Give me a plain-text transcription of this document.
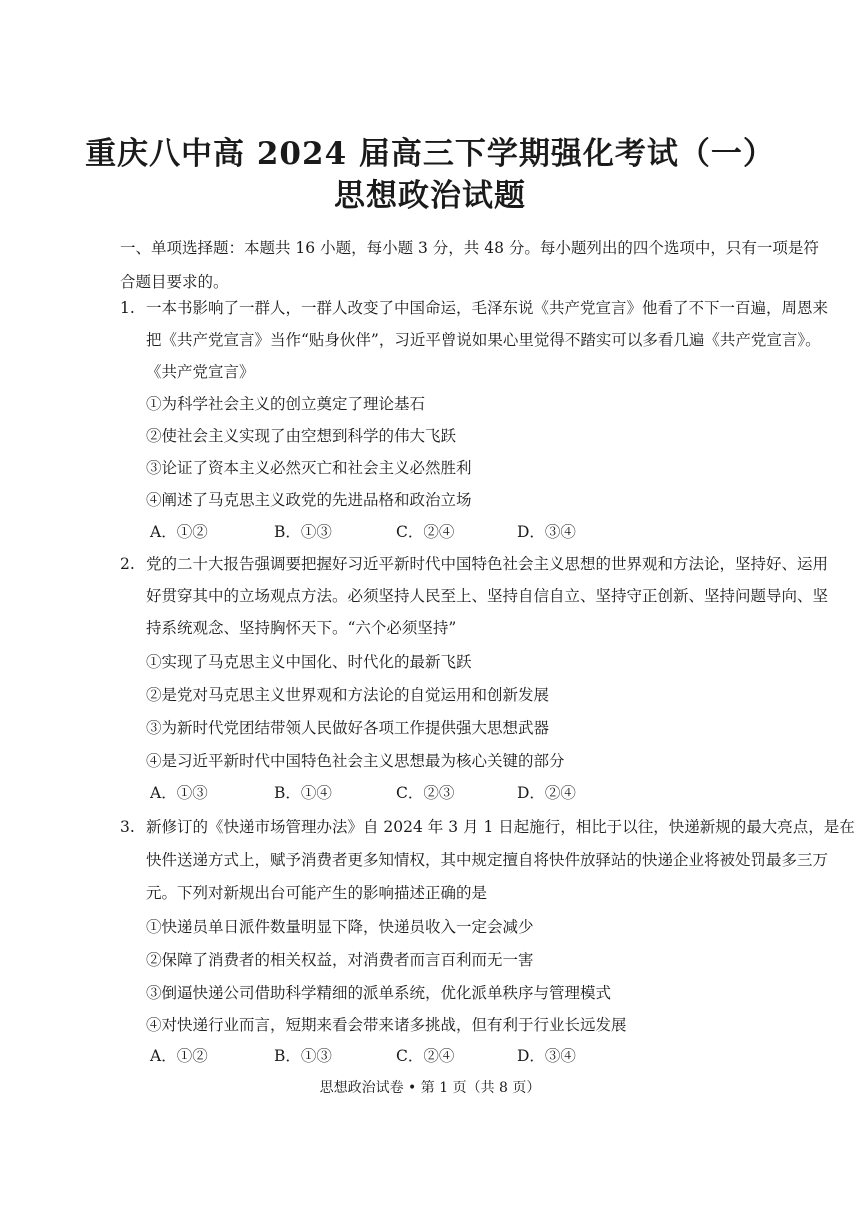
重庆八中高 2024 届高三下学期强化考试（一）
思想政治试题

一、单项选择题：本题共 16 小题，每小题 3 分，共 48 分。每小题列出的四个选项中，只有一项是符合题目要求的。

1. 一本书影响了一群人，一群人改变了中国命运，毛泽东说《共产党宣言》他看了不下一百遍，周恩来

把《共产党宣言》当作“贴身伙伴”，习近平曾说如果心里觉得不踏实可以多看几遍《共产党宣言》。

《共产党宣言》

①为科学社会主义的创立奠定了理论基石

②使社会主义实现了由空想到科学的伟大飞跃

③论证了资本主义必然灭亡和社会主义必然胜利

④阐述了马克思主义政党的先进品格和政治立场

A．①②	B．①③	C．②④	D．③④
2. 党的二十大报告强调要把握好习近平新时代中国特色社会主义思想的世界观和方法论，坚持好、运用

好贯穿其中的立场观点方法。必须坚持人民至上、坚持自信自立、坚持守正创新、坚持问题导向、坚

持系统观念、坚持胸怀天下。“六个必须坚持”

①实现了马克思主义中国化、时代化的最新飞跃

②是党对马克思主义世界观和方法论的自觉运用和创新发展

③为新时代党团结带领人民做好各项工作提供强大思想武器

④是习近平新时代中国特色社会主义思想最为核心关键的部分

A．①③	B．①④	C．②③	D．②④
3. 新修订的《快递市场管理办法》自 2024 年 3 月 1 日起施行，相比于以往，快递新规的最大亮点，是在

快件送递方式上，赋予消费者更多知情权，其中规定擅自将快件放驿站的快递企业将被处罚最多三万

元。下列对新规出台可能产生的影响描述正确的是

①快递员单日派件数量明显下降，快递员收入一定会减少

②保障了消费者的相关权益，对消费者而言百利而无一害

③倒逼快递公司借助科学精细的派单系统，优化派单秩序与管理模式

④对快递行业而言，短期来看会带来诸多挑战，但有利于行业长远发展

A．①②	B．①③	C．②④	D．③④
思想政治试卷 • 第 1 页（共 8 页）
